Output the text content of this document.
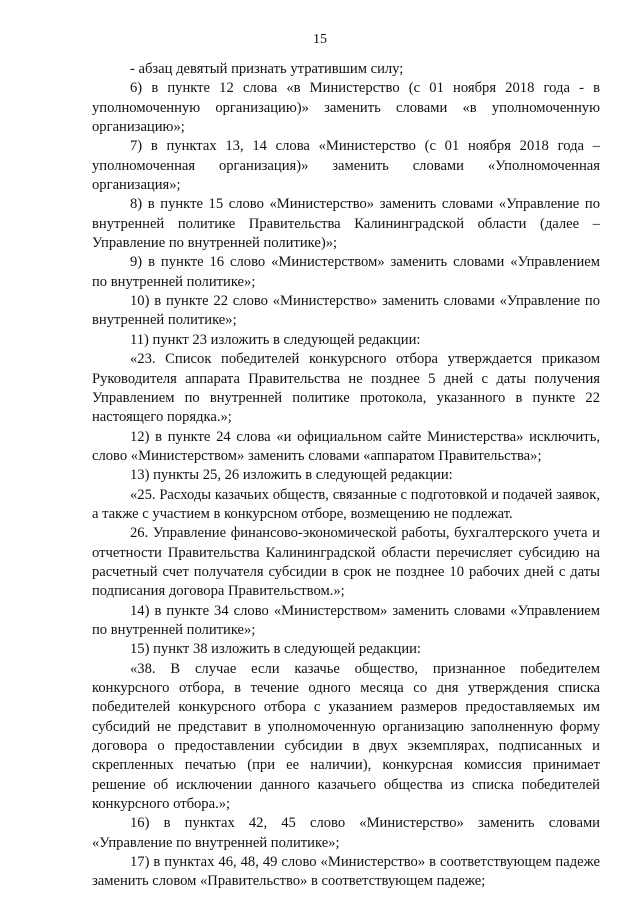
15

- абзац девятый признать утратившим силу;

6) в пункте 12 слова «в Министерство (с 01 ноября 2018 года - в уполномоченную организацию)» заменить словами «в уполномоченную организацию»;

7) в пунктах 13, 14 слова «Министерство (с 01 ноября 2018 года – уполномоченная организация)» заменить словами «Уполномоченная организация»;

8) в пункте 15 слово «Министерство» заменить словами «Управление по внутренней политике Правительства Калининградской области (далее – Управление по внутренней политике)»;

9) в пункте 16 слово «Министерством» заменить словами «Управлением по внутренней политике»;

10) в пункте 22 слово «Министерство» заменить словами «Управление по внутренней политике»;

11) пункт 23 изложить в следующей редакции:

«23. Список победителей конкурсного отбора утверждается приказом Руководителя аппарата Правительства не позднее 5 дней с даты получения Управлением по внутренней политике протокола, указанного в пункте 22 настоящего порядка.»;

12) в пункте 24 слова «и официальном сайте Министерства» исключить, слово «Министерством» заменить словами «аппаратом Правительства»;

13) пункты 25, 26 изложить в следующей редакции:

«25. Расходы казачьих обществ, связанные с подготовкой и подачей заявок, а также с участием в конкурсном отборе, возмещению не подлежат.

26. Управление финансово-экономической работы, бухгалтерского учета и отчетности Правительства Калининградской области перечисляет субсидию на расчетный счет получателя субсидии в срок не позднее 10 рабочих дней с даты подписания договора Правительством.»;

14) в пункте 34 слово «Министерством» заменить словами «Управлением по внутренней политике»;

15) пункт 38 изложить в следующей редакции:

«38. В случае если казачье общество, признанное победителем конкурсного отбора, в течение одного месяца со дня утверждения списка победителей конкурсного отбора с указанием размеров предоставляемых им субсидий не представит в уполномоченную организацию заполненную форму договора о предоставлении субсидии в двух экземплярах, подписанных и скрепленных печатью (при ее наличии), конкурсная комиссия принимает решение об исключении данного казачьего общества из списка победителей конкурсного отбора.»;

16) в пунктах 42, 45 слово «Министерство» заменить словами «Управление по внутренней политике»;

17) в пунктах 46, 48, 49 слово «Министерство» в соответствующем падеже заменить словом «Правительство» в соответствующем падеже;
